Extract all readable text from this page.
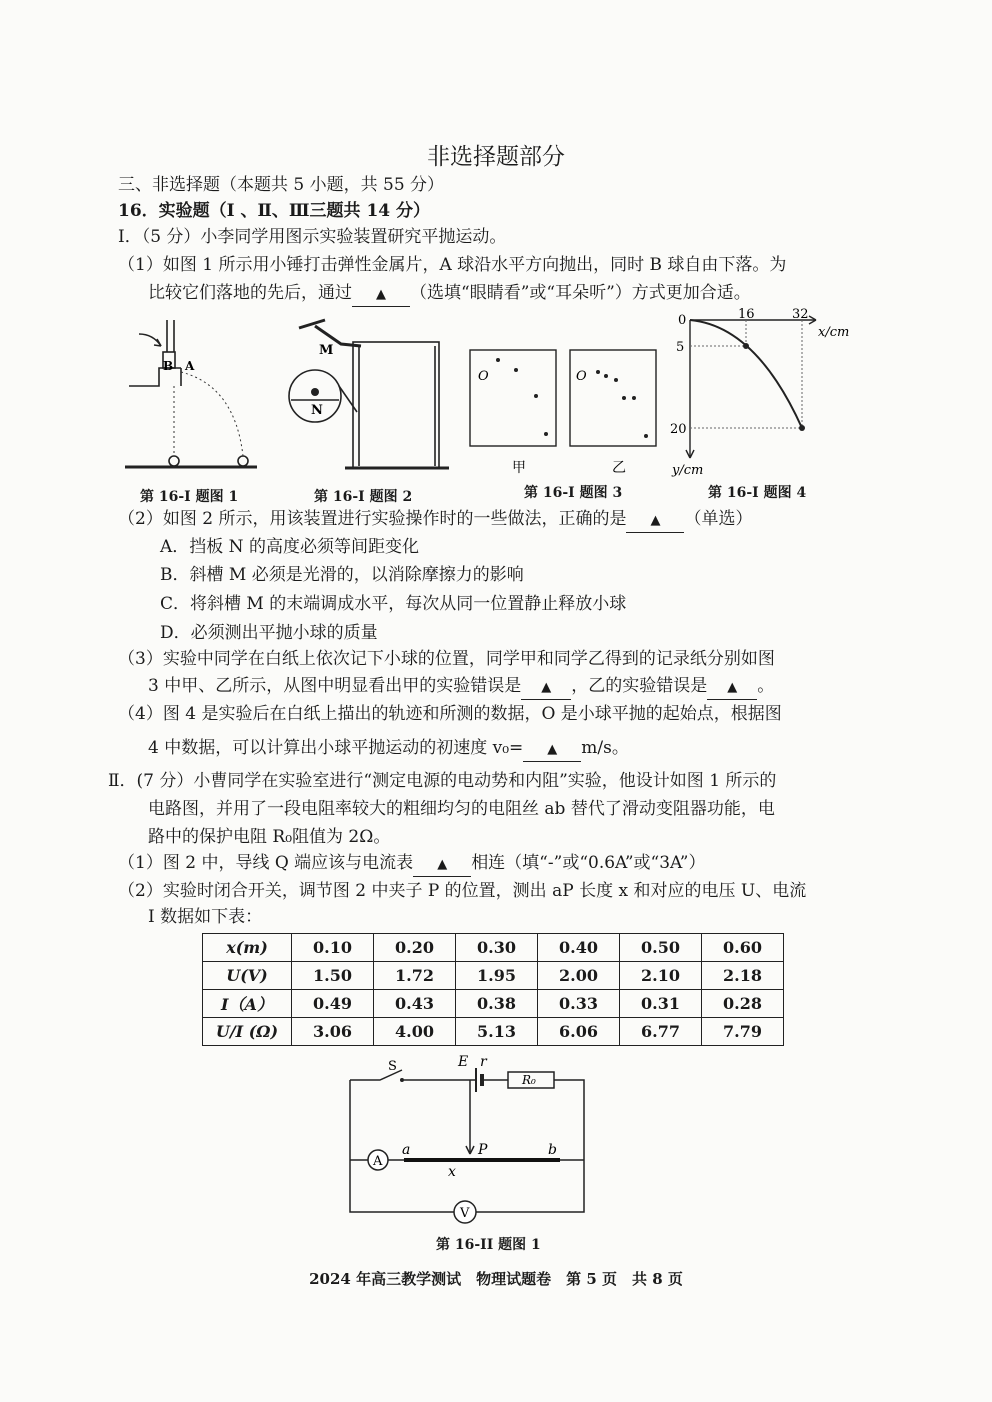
非选择题部分
三、非选择题（本题共 5 小题，共 55 分）
16．实验题（Ⅰ 、Ⅱ、Ⅲ三题共 14 分）
Ⅰ．（5 分）小李同学用图示实验装置研究平抛运动。
（1）如图 1 所示用小锤打击弹性金属片，A 球沿水平方向抛出，同时 B 球自由下落。为
比较它们落地的先后，通过 ▲ （选填“眼睛看”或“耳朵听”）方式更加合适。
B A
第 16-I 题图 1
M
N
第 16-I 题图 2
O	O
甲	乙
第 16-I 题图 3
0	16	32
x/cm
5
20
y/cm
第 16-I 题图 4
（2）如图 2 所示，用该装置进行实验操作时的一些做法，正确的是 ▲ （单选）
A．挡板 N 的高度必须等间距变化
B．斜槽 M 必须是光滑的，以消除摩擦力的影响
C．将斜槽 M 的末端调成水平，每次从同一位置静止释放小球
D．必须测出平抛小球的质量
（3）实验中同学在白纸上依次记下小球的位置，同学甲和同学乙得到的记录纸分别如图
3 中甲、乙所示，从图中明显看出甲的实验错误是 ▲ ，乙的实验错误是 ▲ 。
（4）图 4 是实验后在白纸上描出的轨迹和所测的数据，O 是小球平抛的起始点，根据图
4 中数据，可以计算出小球平抛运动的初速度 v₀= ▲ m/s。
Ⅱ．(7 分）小曹同学在实验室进行“测定电源的电动势和内阻”实验，他设计如图 1 所示的
电路图，并用了一段电阻率较大的粗细均匀的电阻丝 ab 替代了滑动变阻器功能，电
路中的保护电阻 R₀阻值为 2Ω。
（1）图 2 中，导线 Q 端应该与电流表 ▲ 相连（填“-”或“0.6A”或“3A”）
（2）实验时闭合开关，调节图 2 中夹子 P 的位置，测出 aP 长度 x 和对应的电压 U、电流
I 数据如下表：
x(m)	0.10	0.20	0.30	0.40	0.50	0.60
U(V)	1.50	1.72	1.95	2.00	2.10	2.18
I（A）	0.49	0.43	0.38	0.33	0.31	0.28
U/I (Ω)	3.06	4.00	5.13	6.06	6.77	7.79
A
V
S	E r
R₀
a	P	b
x
第 16-II 题图 1
2024 年高三教学测试　物理试题卷　第 5 页　共 8 页
